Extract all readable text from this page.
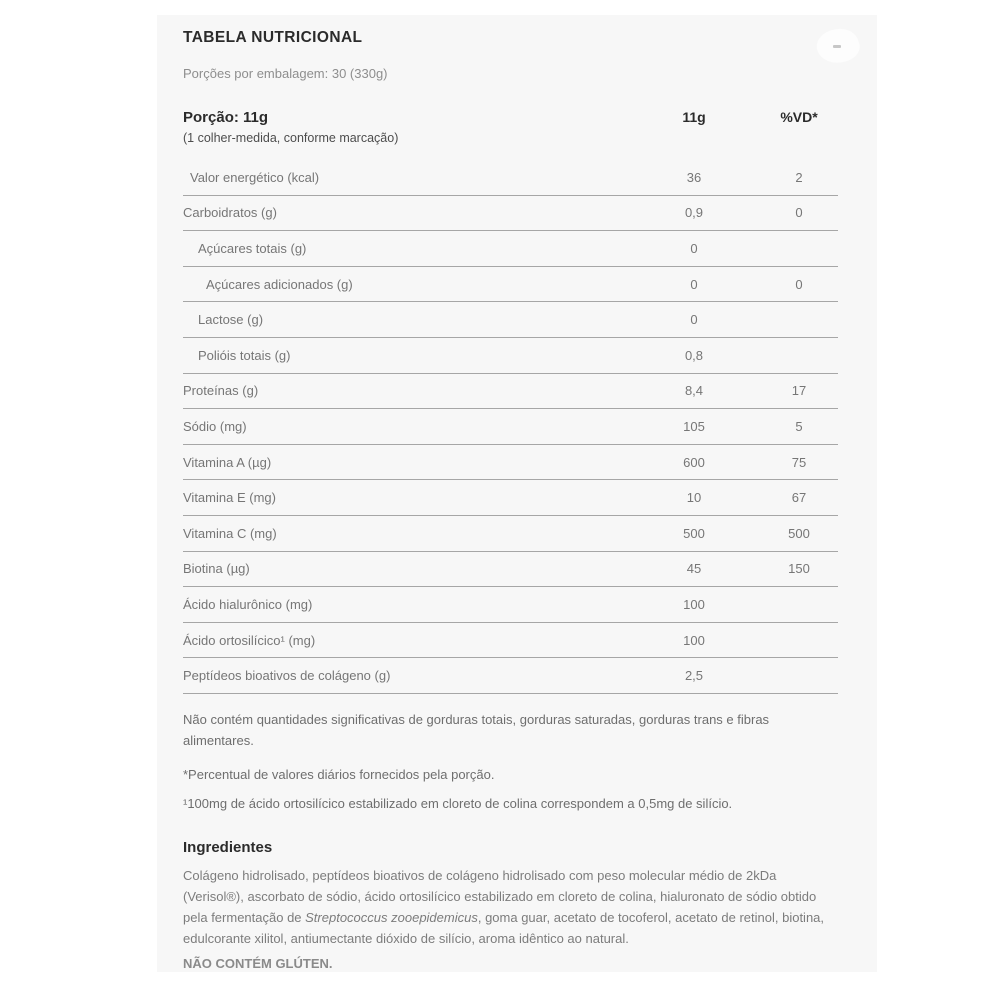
TABELA NUTRICIONAL

Porções por embalagem: 30 (330g)

Porção: 11g	11g	%VD*

(1 colher-medida, conforme marcação)

Valor energético (kcal)	36	2
Carboidratos (g)	0,9	0
Açúcares totais (g)	0
Açúcares adicionados (g)	0	0
Lactose (g)	0
Polióis totais (g)	0,8
Proteínas (g)	8,4	17
Sódio (mg)	105	5
Vitamina A (µg)	600	75
Vitamina E (mg)	10	67
Vitamina C (mg)	500	500
Biotina (µg)	45	150
Ácido hialurônico (mg)	100
Ácido ortosilícico¹ (mg)	100
Peptídeos bioativos de colágeno (g)	2,5

Não contém quantidades significativas de gorduras totais, gorduras saturadas, gorduras trans e fibras alimentares.

*Percentual de valores diários fornecidos pela porção.

¹100mg de ácido ortosilícico estabilizado em cloreto de colina correspondem a 0,5mg de silício.

Ingredientes

Colágeno hidrolisado, peptídeos bioativos de colágeno hidrolisado com peso molecular médio de 2kDa (Verisol®), ascorbato de sódio, ácido ortosilícico estabilizado em cloreto de colina, hialuronato de sódio obtido pela fermentação de Streptococcus zooepidemicus, goma guar, acetato de tocoferol, acetato de retinol, biotina, edulcorante xilitol, antiumectante dióxido de silício, aroma idêntico ao natural.

NÃO CONTÉM GLÚTEN.
